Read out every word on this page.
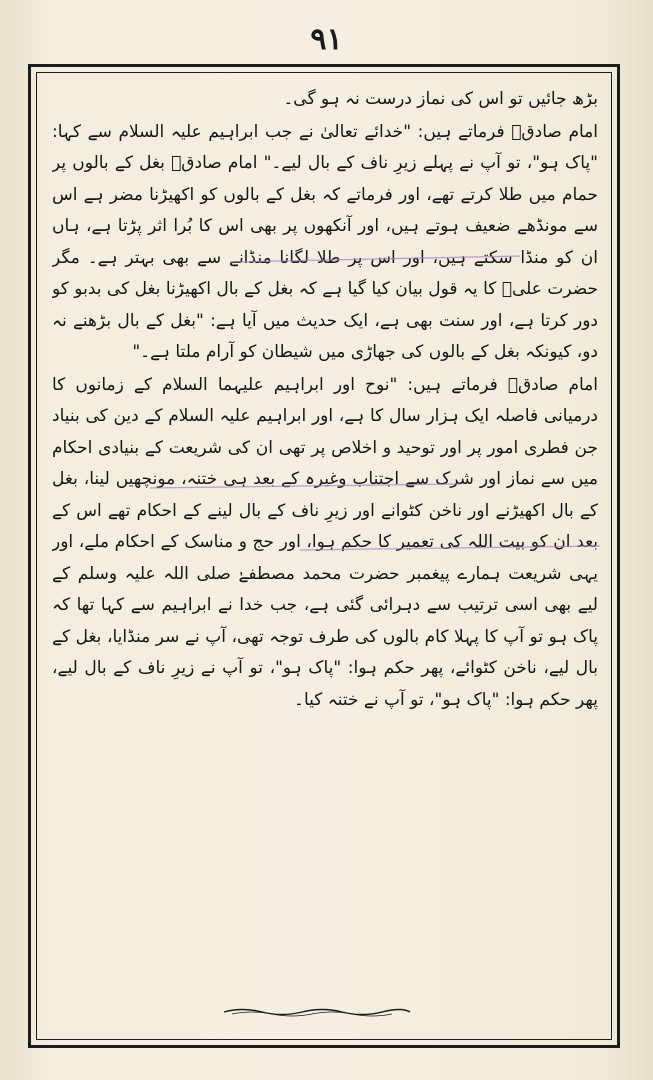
۹۱

بڑھ جائیں تو اس کی نماز درست نہ ہو گی۔

امام صادقؑ فرماتے ہیں: "خدائے تعالیٰ نے جب ابراہیم علیہ السلام سے کہا: "پاک ہو"، تو آپ نے پہلے زیرِ ناف کے بال لیے۔" امام صادقؑ بغل کے بالوں پر حمام میں طلا کرتے تھے، اور فرماتے کہ بغل کے بالوں کو اکھیڑنا مضر ہے اس سے مونڈھے ضعیف ہوتے ہیں، اور آنکھوں پر بھی اس کا بُرا اثر پڑتا ہے، ہاں ان کو منڈا سکتے ہیں، اور اس پر طلا لگانا منڈانے سے بھی بہتر ہے۔ مگر حضرت علیؑ کا یہ قول بیان کیا گیا ہے کہ بغل کے بال اکھیڑنا بغل کی بدبو کو دور کرتا ہے، اور سنت بھی ہے، ایک حدیث میں آیا ہے: "بغل کے بال بڑھنے نہ دو، کیونکہ بغل کے بالوں کی جھاڑی میں شیطان کو آرام ملتا ہے۔"

امام صادقؑ فرماتے ہیں: "نوح اور ابراہیم علیہما السلام کے زمانوں کا درمیانی فاصلہ ایک ہزار سال کا ہے، اور ابراہیم علیہ السلام کے دین کی بنیاد جن فطری امور پر اور توحید و اخلاص پر تھی ان کی شریعت کے بنیادی احکام میں سے نماز اور شرک سے اجتناب وغیرہ کے بعد ہی ختنہ، مونچھیں لینا، بغل کے بال اکھیڑنے اور ناخن کٹوانے اور زیرِ ناف کے بال لینے کے احکام تھے اس کے بعد ان کو بیت اللہ کی تعمیر کا حکم ہوا، اور حج و مناسک کے احکام ملے، اور یہی شریعت ہمارے پیغمبر حضرت محمد مصطفےٰ صلی اللہ علیہ وسلم کے لیے بھی اسی ترتیب سے دہرائی گئی ہے، جب خدا نے ابراہیم سے کہا تھا کہ پاک ہو تو آپ کا پہلا کام بالوں کی طرف توجہ تھی، آپ نے سر منڈایا، بغل کے بال لیے، ناخن کٹوائے، پھر حکم ہوا: "پاک ہو"، تو آپ نے زیرِ ناف کے بال لیے، پھر حکم ہوا: "پاک ہو"، تو آپ نے ختنہ کیا۔
